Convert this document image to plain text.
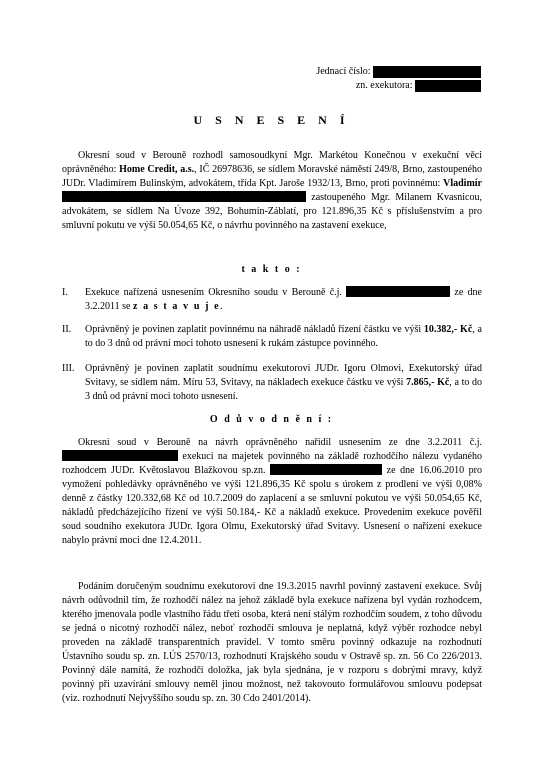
Jednací číslo:
zn. exekutora:
U S N E S E N Í
Okresní soud v Berouně rozhodl samosoudkyní Mgr. Markétou Konečnou v exekuční věci oprávněného: Home Credit, a.s., IČ 26978636, se sídlem Moravské náměstí 249/8, Brno, zastoupeného JUDr. Vladimírem Bulinským, advokátem, třída Kpt. Jaroše 1932/13, Brno, proti povinnému: Vladimír  zastoupeného Mgr. Milanem Kvasnicou, advokátem, se sídlem Na Úvoze 392, Bohumín-Záblatí, pro 121.896,35 Kč s příslušenstvím a pro smluvní pokutu ve výši 50.054,65 Kč, o návrhu povinného na zastavení exekuce,
t a k t o :
I.	Exekuce nařízená usnesením Okresního soudu v Berouně č.j.	ze dne 3.2.2011 se z a s t a v u j e.
II.	Oprávněný je povinen zaplatit povinnému na náhradě nákladů řízení částku ve výši 10.382,- Kč, a to do 3 dnů od právní moci tohoto usnesení k rukám zástupce povinného.
III.	Oprávněný je povinen zaplatit soudnímu exekutorovi JUDr. Igoru Olmovi, Exekutorský úřad Svitavy, se sídlem nám. Míru 53, Svitavy, na nákladech exekuce částku ve výši 7.865,- Kč, a to do 3 dnů od právní moci tohoto usnesení.
O d ů v o d n ě n í :
Okresní soud v Berouně na návrh oprávněného nařídil usnesením ze dne 3.2.2011 č.j.  exekuci na majetek povinného na základě rozhodčího nálezu vydaného rozhodcem JUDr. Květoslavou Blažkovou sp.zn.	ze dne 16.06.2010 pro vymožení pohledávky oprávněného ve výši 121.896,35 Kč spolu s úrokem z prodlení ve výši 0,08% denně z částky 120.332,68 Kč od 10.7.2009 do zaplacení a se smluvní pokutou ve výši 50.054,65 Kč, nákladů předcházejícího řízení ve výši 50.184,- Kč a nákladů exekuce. Provedením exekuce pověřil soud soudního exekutora JUDr. Igora Olmu, Exekutorský úřad Svitavy. Usnesení o nařízení exekuce nabylo právní moci dne 12.4.2011.
Podáním doručeným soudnímu exekutorovi dne 19.3.2015 navrhl povinný zastavení exekuce. Svůj návrh odůvodnil tím, že rozhodčí nález na jehož základě byla exekuce nařízena byl vydán rozhodcem, kterého jmenovala podle vlastního řádu třetí osoba, která není stálým rozhodčím soudem, z toho důvodu se jedná o nicotný rozhodčí nález, neboť rozhodčí smlouva je neplatná, když výběr rozhodce nebyl proveden na základě transparentních pravidel. V tomto směru povinný odkazuje na rozhodnutí Ústavního soudu sp. zn. I.ÚS 2570/13, rozhodnutí Krajského soudu v Ostravě sp. zn. 56 Co 226/2013. Povinný dále namítá, že rozhodčí doložka, jak byla sjednána, je v rozporu s dobrými mravy, když povinný při uzavírání smlouvy neměl jinou možnost, než takovouto formulářovou smlouvu podepsat (viz. rozhodnutí Nejvyššího soudu sp. zn. 30 Cdo 2401/2014).
